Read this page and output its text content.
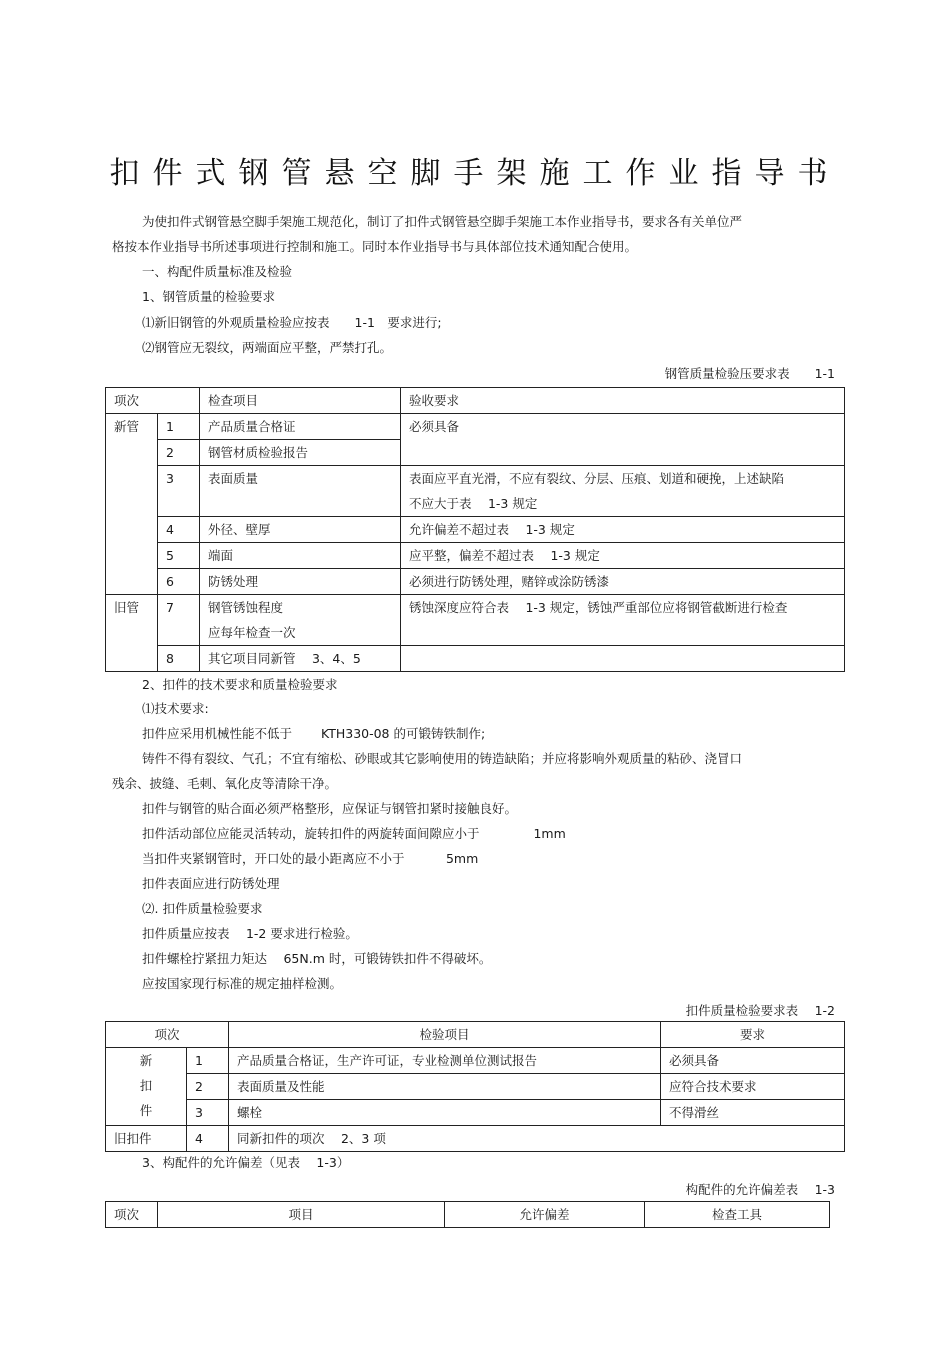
扣件式钢管悬空脚手架施工作业指导书
为使扣件式钢管悬空脚手架施工规范化，制订了扣件式钢管悬空脚手架施工本作业指导书，要求各有关单位严
格按本作业指导书所述事项进行控制和施工。同时本作业指导书与具体部位技术通知配合使用。
一、构配件质量标准及检验
1、钢管质量的检验要求
⑴新旧钢管的外观质量检验应按表　　1-1　要求进行;
⑵钢管应无裂纹，两端面应平整，严禁打孔。
钢管质量检验压要求表　　1-1
项次		检查项目	验收要求
新管	1	产品质量合格证	必须具备
	2	钢管材质检验报告	
	3	表面质量	表面应平直光滑，不应有裂纹、分层、压痕、划道和硬挽，上述缺陷
不应大于表　 1-3 规定

	4	外径、壁厚	允许偏差不超过表　 1-3 规定
	5	端面	应平整，偏差不超过表　 1-3 规定
	6	防锈处理	必须进行防锈处理，赌锌或涂防锈漆
旧管	7	钢管锈蚀程度
应每年检查一次	锈蚀深度应符合表　 1-3 规定，锈蚀严重部位应将钢管截断进行检查
	8	其它项目同新管　 3、4、5	
2、扣件的技术要求和质量检验要求
⑴技术要求:
扣件应采用机械性能不低于　　 KTH330-08 的可锻铸铁制作;
铸件不得有裂纹、气孔；不宜有缩松、砂眼或其它影响使用的铸造缺陷；并应将影响外观质量的粘砂、浇冒口
残余、披缝、毛刺、氧化皮等清除干净。
扣件与钢管的贴合面必须严格整形，应保证与钢管扣紧时接触良好。
扣件活动部位应能灵活转动，旋转扣件的两旋转面间隙应小于　　　　 1mm
当扣件夹紧钢管时，开口处的最小距离应不小于　　　 5mm
扣件表面应进行防锈处理
⑵. 扣件质量检验要求
扣件质量应按表　 1-2 要求进行检验。
扣件螺栓拧紧扭力矩达　 65N.m 时，可锻铸铁扣件不得破坏。
应按国家现行标准的规定抽样检测。
扣件质量检验要求表　 1-2
项次		检验项目	要求

新
扣
件	1	产品质量合格证，生产许可证，专业检测单位测试报告	必须具备
	2	表面质量及性能	应符合技术要求
	3	螺栓	不得滑丝
旧扣件	4	同新扣件的项次　 2、3 项	
3、构配件的允许偏差（见表　 1-3）
构配件的允许偏差表　 1-3
项次	项目	允许偏差	检查工具
